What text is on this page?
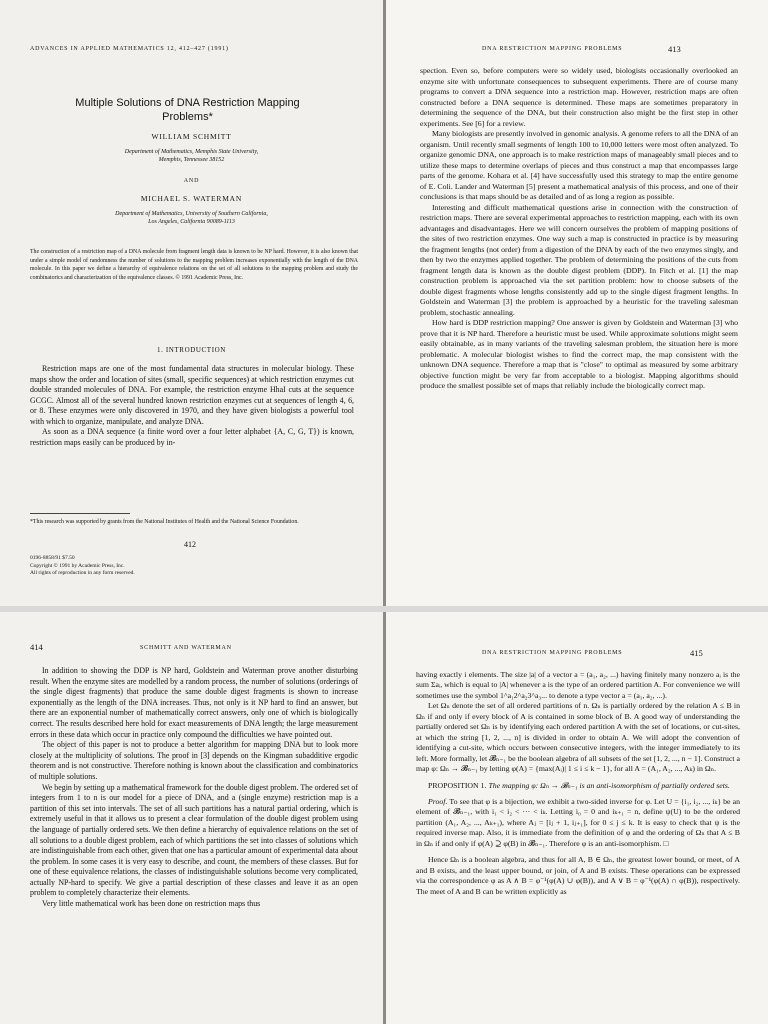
ADVANCES IN APPLIED MATHEMATICS 12, 412–427 (1991)
Multiple Solutions of DNA Restriction Mapping Problems*
WILLIAM SCHMITT
Department of Mathematics, Memphis State University,
Memphis, Tennessee 38152
AND
MICHAEL S. WATERMAN
Department of Mathematics, University of Southern California,
Los Angeles, California 90089-1113
The construction of a restriction map of a DNA molecule from fragment length data is known to be NP hard. However, it is also known that under a simple model of randomness the number of solutions to the mapping problem increases exponentially with the length of the DNA molecule. In this paper we define a hierarchy of equivalence relations on the set of all solutions to the mapping problem and study the combinatorics and characterization of the equivalence classes. © 1991 Academic Press, Inc.
1. INTRODUCTION

Restriction maps are one of the most fundamental data structures in molecular biology. These maps show the order and location of sites (small, specific sequences) at which restriction enzymes cut double stranded molecules of DNA. For example, the restriction enzyme HhaI cuts at the sequence GCGC. Almost all of the several hundred known restriction enzymes cut at sequences of length 4, 6, or 8. These enzymes were only discovered in 1970, and they have given biologists a powerful tool with which to organize, manipulate, and analyze DNA.

As soon as a DNA sequence (a finite word over a four letter alphabet {A, C, G, T}) is known, restriction maps easily can be produced by in-

*This research was supported by grants from the National Institutes of Health and the National Science Foundation.
412
0196-8858/91 $7.50
Copyright © 1991 by Academic Press, Inc.
All rights of reproduction in any form reserved.
DNA RESTRICTION MAPPING PROBLEMS	413

spection. Even so, before computers were so widely used, biologists occasionally overlooked an enzyme site with unfortunate consequences to subsequent experiments. There are of course many programs to convert a DNA sequence into a restriction map. However, restriction maps are often constructed before a DNA sequence is determined. These maps are sometimes preparatory in determining the sequence of the DNA, but their construction also might be the first step in other experiments. See [6] for a review.

Many biologists are presently involved in genomic analysis. A genome refers to all the DNA of an organism. Until recently small segments of length 100 to 10,000 letters were most often analyzed. To organize genomic DNA, one approach is to make restriction maps of manageably small pieces and to utilize these maps to determine overlaps of pieces and thus construct a map that encompasses large parts of the genome. Kohara et al. [4] have successfully used this strategy to map the entire genome of E. Coli. Lander and Waterman [5] present a mathematical analysis of this process, and one of their conclusions is that maps should be as detailed and of as long a region as possible.

Interesting and difficult mathematical questions arise in connection with the construction of restriction maps. There are several experimental approaches to restriction mapping, each with its own advantages and disadvantages. Here we will concern ourselves the problem of mapping positions of the sites of two restriction enzymes. One way such a map is constructed in practice is by measuring the fragment lengths (not order) from a digestion of the DNA by each of the two enzymes singly, and then by two the enzymes applied together. The problem of determining the positions of the cuts from fragment length data is known as the double digest problem (DDP). In Fitch et al. [1] the map construction problem is approached via the set partition problem: how to choose subsets of the double digest fragments whose lengths consistently add up to the single digest fragment lengths. In Goldstein and Waterman [3] the problem is approached by a heuristic for the traveling salesman problem, stochastic annealing.

How hard is DDP restriction mapping? One answer is given by Goldstein and Waterman [3] who prove that it is NP hard. Therefore a heuristic must be used. While approximate solutions might seem easily obtainable, as in many variants of the traveling salesman problem, the situation here is more problematic. A molecular biologist wishes to find the correct map, the map consistent with the unknown DNA sequence. Therefore a map that is "close" to optimal as measured by some arbitrary objective function might be very far from acceptable to a biologist. Mapping algorithms should produce the smallest possible set of maps that reliably include the biologically correct map.

414	SCHMITT AND WATERMAN

In addition to showing the DDP is NP hard, Goldstein and Waterman prove another disturbing result. When the enzyme sites are modelled by a random process, the number of solutions (orderings of the single digest fragments) that produce the same double digest fragments is shown to increase exponentially as the length of the DNA increases. Thus, not only is it NP hard to find an answer, but there are an exponential number of mathematically correct answers, only one of which is biologically correct. The results described here hold for exact measurements of DNA length; the large measurement errors in these data which occur in practice only compound the difficulties we have pointed out.

The object of this paper is not to produce a better algorithm for mapping DNA but to look more closely at the multiplicity of solutions. The proof in [3] depends on the Kingman subadditive ergodic theorem and is not constructive. Therefore nothing is known about the classification and combinatorics of multiple solutions.

We begin by setting up a mathematical framework for the double digest problem. The ordered set of integers from 1 to n is our model for a piece of DNA, and a (single enzyme) restriction map is a partition of this set into intervals. The set of all such partitions has a natural partial ordering, which is extremely useful in that it allows us to present a clear formulation of the double digest problem using the language of partially ordered sets. We then define a hierarchy of equivalence relations on the set of all solutions to a double digest problem, each of which partitions the set into classes of solutions which are indistinguishable from each other, given that one has a particular amount of experimental data about the problem. In some cases it is very easy to describe, and count, the members of these classes. But for one of these equivalence relations, the classes of indistinguishable solutions become very complicated, actually NP-hard to specify. We give a partial description of these classes and leave it as an open problem to completely characterize their elements.

Very little mathematical work has been done on restriction maps thus

DNA RESTRICTION MAPPING PROBLEMS	415

having exactly i elements. The size |a| of a vector a = (a₁, a₂, ...) having finitely many nonzero aᵢ is the sum Σaᵢ, which is equal to |A| whenever a is the type of an ordered partition A. For convenience we will sometimes use the symbol 1^a₁2^a₂3^a₃... to denote a type vector a = (a₁, a₂, ...).

Let Ωₙ denote the set of all ordered partitions of n. Ωₙ is partially ordered by the relation A ≤ B in Ωₙ if and only if every block of A is contained in some block of B. A good way of understanding the partially ordered set Ωₙ is by identifying each ordered partition A with the set of locations, or cut-sites, at which the string [1, 2, ..., n] is divided in order to obtain A. We will adopt the convention of identifying a cut-site, which occurs between consecutive integers, with the integer immediately to its left. More formally, let 𝓑ₙ₋₁ be the boolean algebra of all subsets of the set [1, 2, ..., n − 1]. Construct a map φ: Ωₙ → 𝓑ₙ₋₁ by letting φ(A) = {max(Aᵢ)| 1 ≤ i ≤ k − 1}, for all A = (A₁, A₂, ..., Aₖ) in Ωₙ.

PROPOSITION 1. The mapping φ: Ωₙ → 𝓑ₙ₋₁ is an anti-isomorphism of partially ordered sets.

Proof. To see that φ is a bijection, we exhibit a two-sided inverse for φ. Let U = {i₁, i₂, ..., iₖ} be an element of 𝓑ₙ₋₁, with i₁ < i₂ < ··· < iₖ. Letting i₀ = 0 and iₖ₊₁ = n, define ψ(U) to be the ordered partition (A₁, A₂, ..., Aₖ₊₁), where Aⱼ = [iⱼ + 1, iⱼ₊₁], for 0 ≤ j ≤ k. It is easy to check that ψ is the required inverse map. Also, it is immediate from the definition of φ and the ordering of Ωₙ that A ≤ B in Ωₙ if and only if φ(A) ⊇ φ(B) in 𝓑ₙ₋₁. Therefore φ is an anti-isomorphism. □

Hence Ωₙ is a boolean algebra, and thus for all A, B ∈ Ωₙ, the greatest lower bound, or meet, of A and B exists, and the least upper bound, or join, of A and B exists. These operations can be expressed via the correspondence φ as A ∧ B = φ⁻¹(φ(A) ∪ φ(B)), and A ∨ B = φ⁻¹(φ(A) ∩ φ(B)), respectively. The meet of A and B can be written explicitly as
